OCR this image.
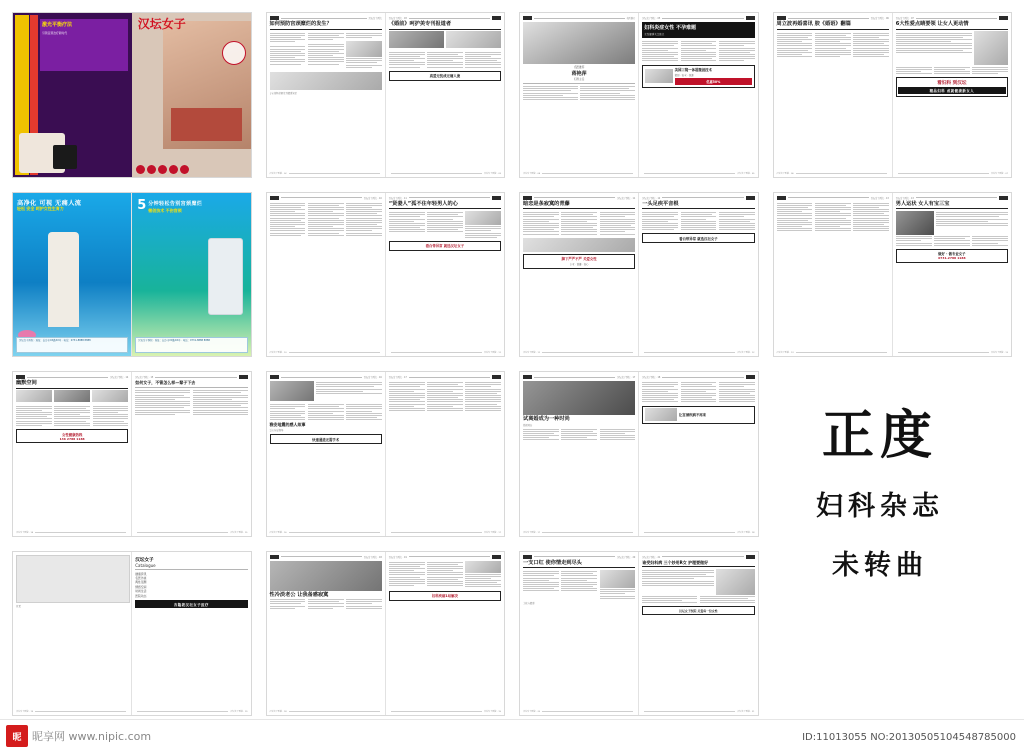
激光平衡疗法
引领宫颈治疗新时代
汉坛女子	汉坛女子医院
如何预防宫颈糜烂的发生？
专家现场讲解女性健康知识
汉坛女子医院 · 02
汉坛女子医院 · 03
《婚前》呵护美专刊报道者
真爱无忧成无痛人流
汉坛女子医院 · 03
名医推荐
名医推荐
蒋艳萍
妇科主任
汉坛女子医院 · 04
汉坛女子医院 · 05
妇科炎症女性 不孕难题
女性健康关注焦点
美国三镜一体超微创技术
微创 · 安全 · 快速
优惠50%
汉坛女子医院 · 05
汉坛女子医院 · 06
周立波再婚喜讯 胶《婚语》翻篇
汉坛女子医院 · 06
汉坛女子医院 · 07
6大性爱点睛要领 让女人更动情
看妇科 到汉坛
精品妇科 成就健康新女人
汉坛女子医院 · 07
高净化 可视 无痛人流
轻松 安全 呵护女性生育力
汉坛女子医院 · 地址：长沙市XX路XX号 · 电话：0731-8888 8888
5 分钟轻松告别宫颈糜烂
微创技术 不伤宫颈
汉坛女子医院 · 地址：长沙市XX路XX号 · 电话：0731-8888 8888
汉坛女子医院 · 10
汉坛女子医院 · 10
汉坛女子医院 · 11
“贤妻人”孤不住年轻男人的心
看白带异常 就选汉坛女子
汉坛女子医院 · 11
汉坛女子医院 · 11
暗恋是条寂寞的青藤
脚下严严不严 关爱女性
专业 · 温馨 · 安心
汉坛女子医院 · 11
汉坛女子医院 · 12
一头足疾平音根
看白带异常 就选汉坛女子
汉坛女子医院 · 12
汉坛女子医院 · 13
汉坛女子医院 · 13
汉坛女子医院 · 13
男人运状 女人有宝三宝
做好 · 做专业女子
0731-2788 1188
汉坛女子医院 · 13
汉坛女子医院 · 14
幽默空间
女性健康热线
136 2788 1188
汉坛女子医院 · 14
汉坛女子医院 · 15
如何女子，不管怎么样—辈子下去
汉坛女子医院 · 15
汉坛女子医院 · 16
雅安地震的感人故事
爱心传递现场
快速通道无需手术
汉坛女子医院 · 16
汉坛女子医院 · 17
汉坛女子医院 · 17
汉坛女子医院 · 17
试离婚成为一种时尚
婚姻观察
汉坛女子医院 · 17
汉坛女子医院 · 18
让宫颈疾病不再来
汉坛女子医院 · 18
目录
汉坛女子医院 · 19
汉坛女子
Catalogue
健康资讯
名医访谈
两性话题
情感空间
时尚生活
医院动态
吉隆坡汉坛女子医疗
汉坛女子医院 · 19
汉坛女子医院 · 18
性冷淡老公 让我备感寂寞
汉坛女子医院 · 18
汉坛女子医院 · 19
妇科疾病1站解决
汉坛女子医院 · 19
汉坛女子医院 · 20
一支口红 使你情走到尽头
美妆与健康
汉坛女子医院 · 20
汉坛女子医院 · 21
谁受妇科病 三个妙用R女 护理要做好
汉坛女子医院 关爱每一位女性
汉坛女子医院 · 21
正度
妇科杂志
未转曲
昵 昵享网 www.nipic.com	ID:11013055 NO:20130505104548785000
